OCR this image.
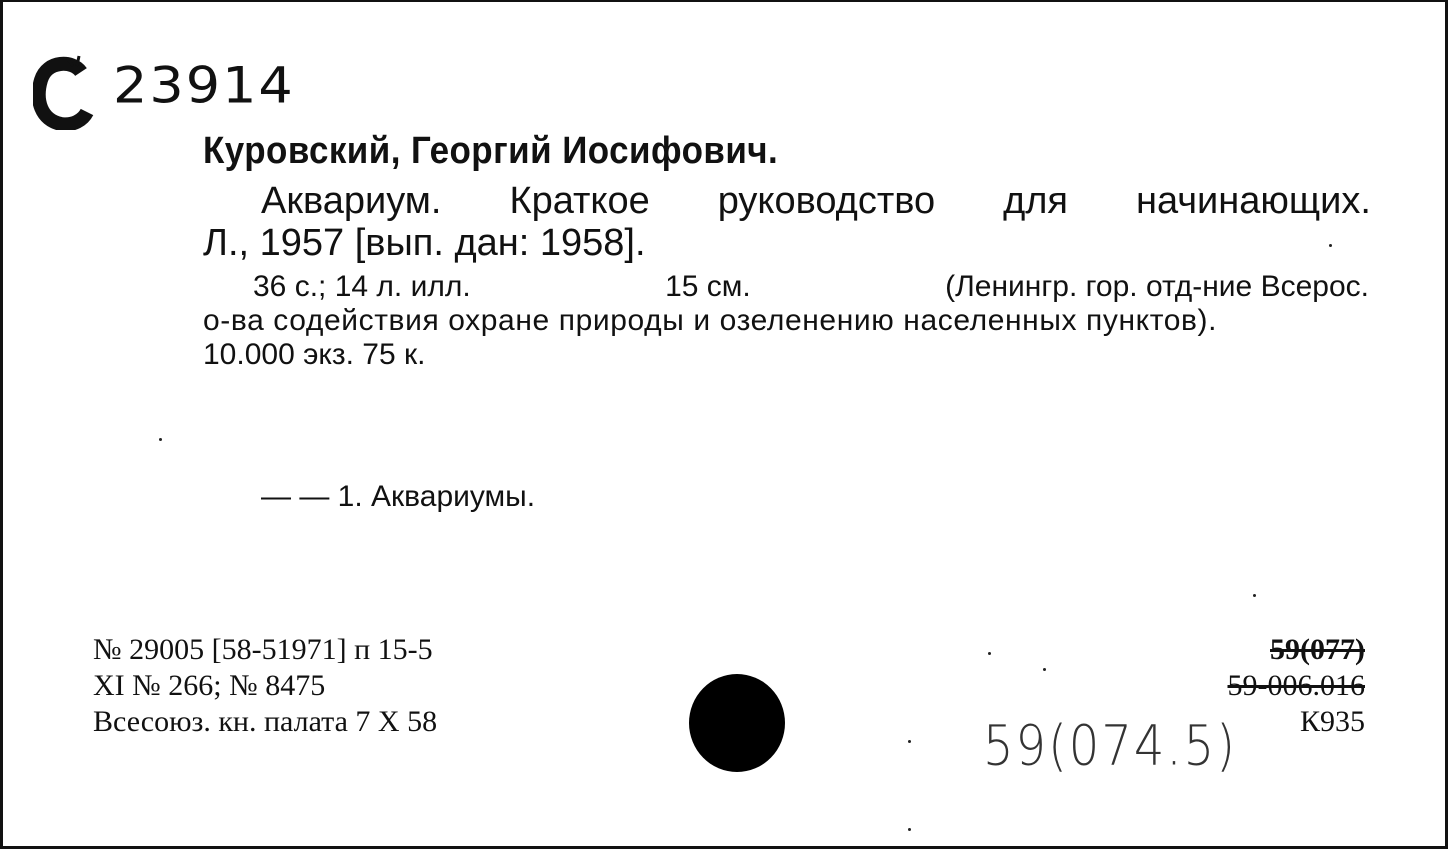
23914
Куровский, Георгий Иосифович.
Аквариум. Краткое руководство для начинающих.
Л., 1957 [вып. дан: 1958].
36 с.; 14 л. илл.	15 см.	(Ленингр. гор. отд-ние Всерос.
о-ва содействия охране природы и озеленению населенных пунктов).
10.000 экз. 75 к.
— — 1. Аквариумы.
№ 29005 [58-51971] п 15-5
XI № 266; № 8475
Всесоюз. кн. палата 7 X 58	59(074.5)
59(077)
59-006.016
К935
